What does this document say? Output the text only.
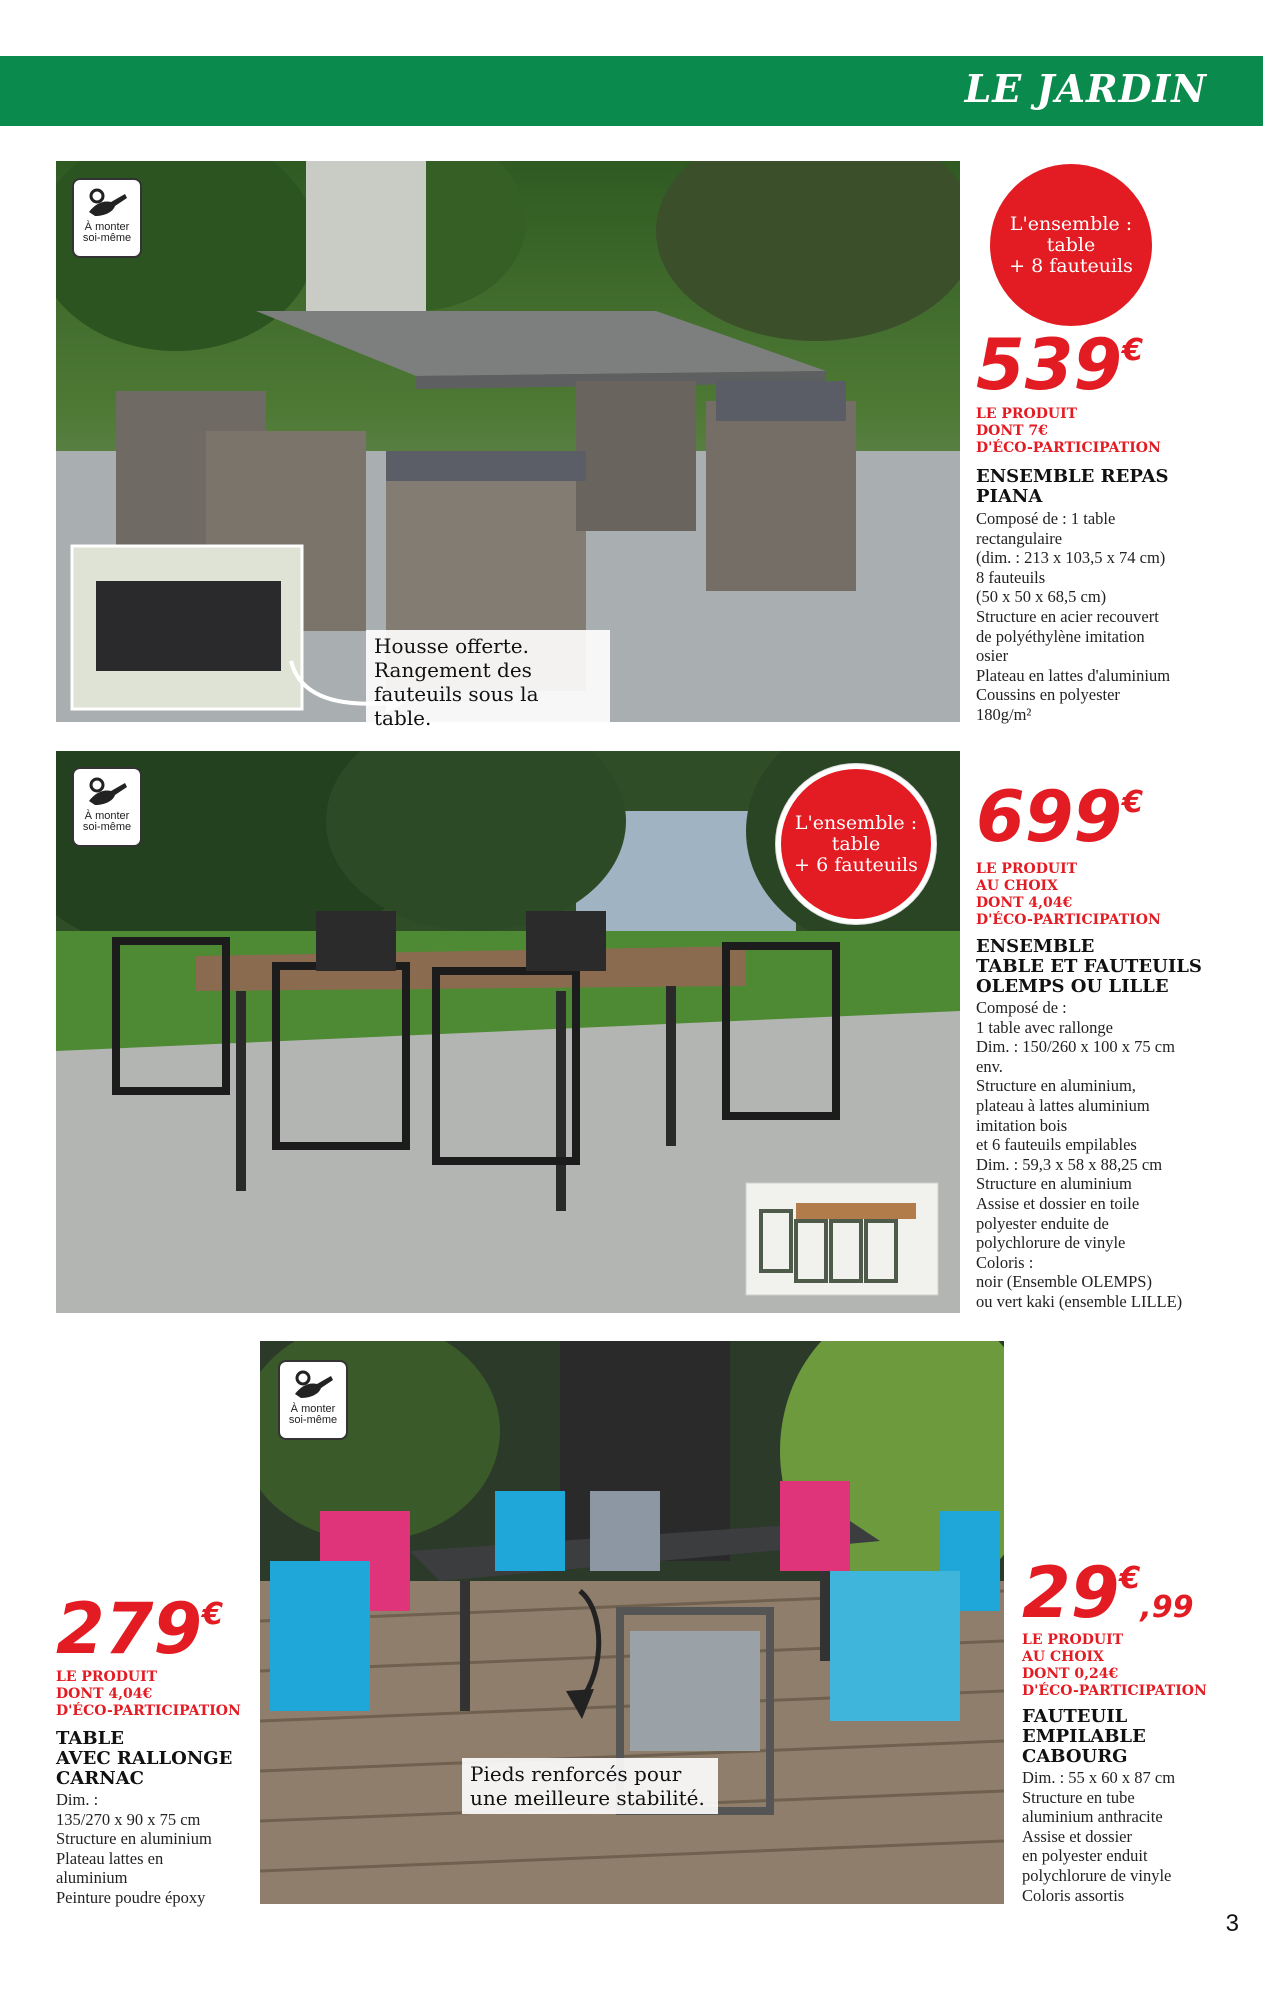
LE JARDIN
À monter
soi-même
Housse offerte.
Rangement des
fauteuils sous la table.
L'ensemble :
table
+ 8 fauteuils
539€
LE PRODUIT
DONT 7€
D'ÉCO-PARTICIPATION
ENSEMBLE REPAS
PIANA
Composé de : 1 table
rectangulaire
(dim. : 213 x 103,5 x 74 cm)
8 fauteuils
(50 x 50 x 68,5 cm)
Structure en acier recouvert
de polyéthylène imitation
osier
Plateau en lattes d'aluminium
Coussins en polyester
180g/m²
À monter
soi-même	L'ensemble :
table
+ 6 fauteuils
699€
LE PRODUIT
AU CHOIX
DONT 4,04€
D'ÉCO-PARTICIPATION
ENSEMBLE
TABLE ET FAUTEUILS
OLEMPS OU LILLE
Composé de :
1 table avec rallonge
Dim. : 150/260 x 100 x 75 cm
env.
Structure en aluminium,
plateau à lattes aluminium
imitation bois
et 6 fauteuils empilables
Dim. : 59,3 x 58 x 88,25 cm
Structure en aluminium
Assise et dossier en toile
polyester enduite de
polychlorure de vinyle
Coloris :
noir (Ensemble OLEMPS)
ou vert kaki (ensemble LILLE)
À monter
soi-même
Pieds renforcés pour
une meilleure stabilité.
279€
LE PRODUIT
DONT 4,04€
D'ÉCO-PARTICIPATION
TABLE
AVEC RALLONGE
CARNAC
Dim. :
135/270 x 90 x 75 cm
Structure en aluminium
Plateau lattes en
aluminium
Peinture poudre époxy
29€,99
LE PRODUIT
AU CHOIX
DONT 0,24€
D'ÉCO-PARTICIPATION
FAUTEUIL
EMPILABLE
CABOURG
Dim. : 55 x 60 x 87 cm
Structure en tube
aluminium anthracite
Assise et dossier
en polyester enduit
polychlorure de vinyle
Coloris assortis
3
